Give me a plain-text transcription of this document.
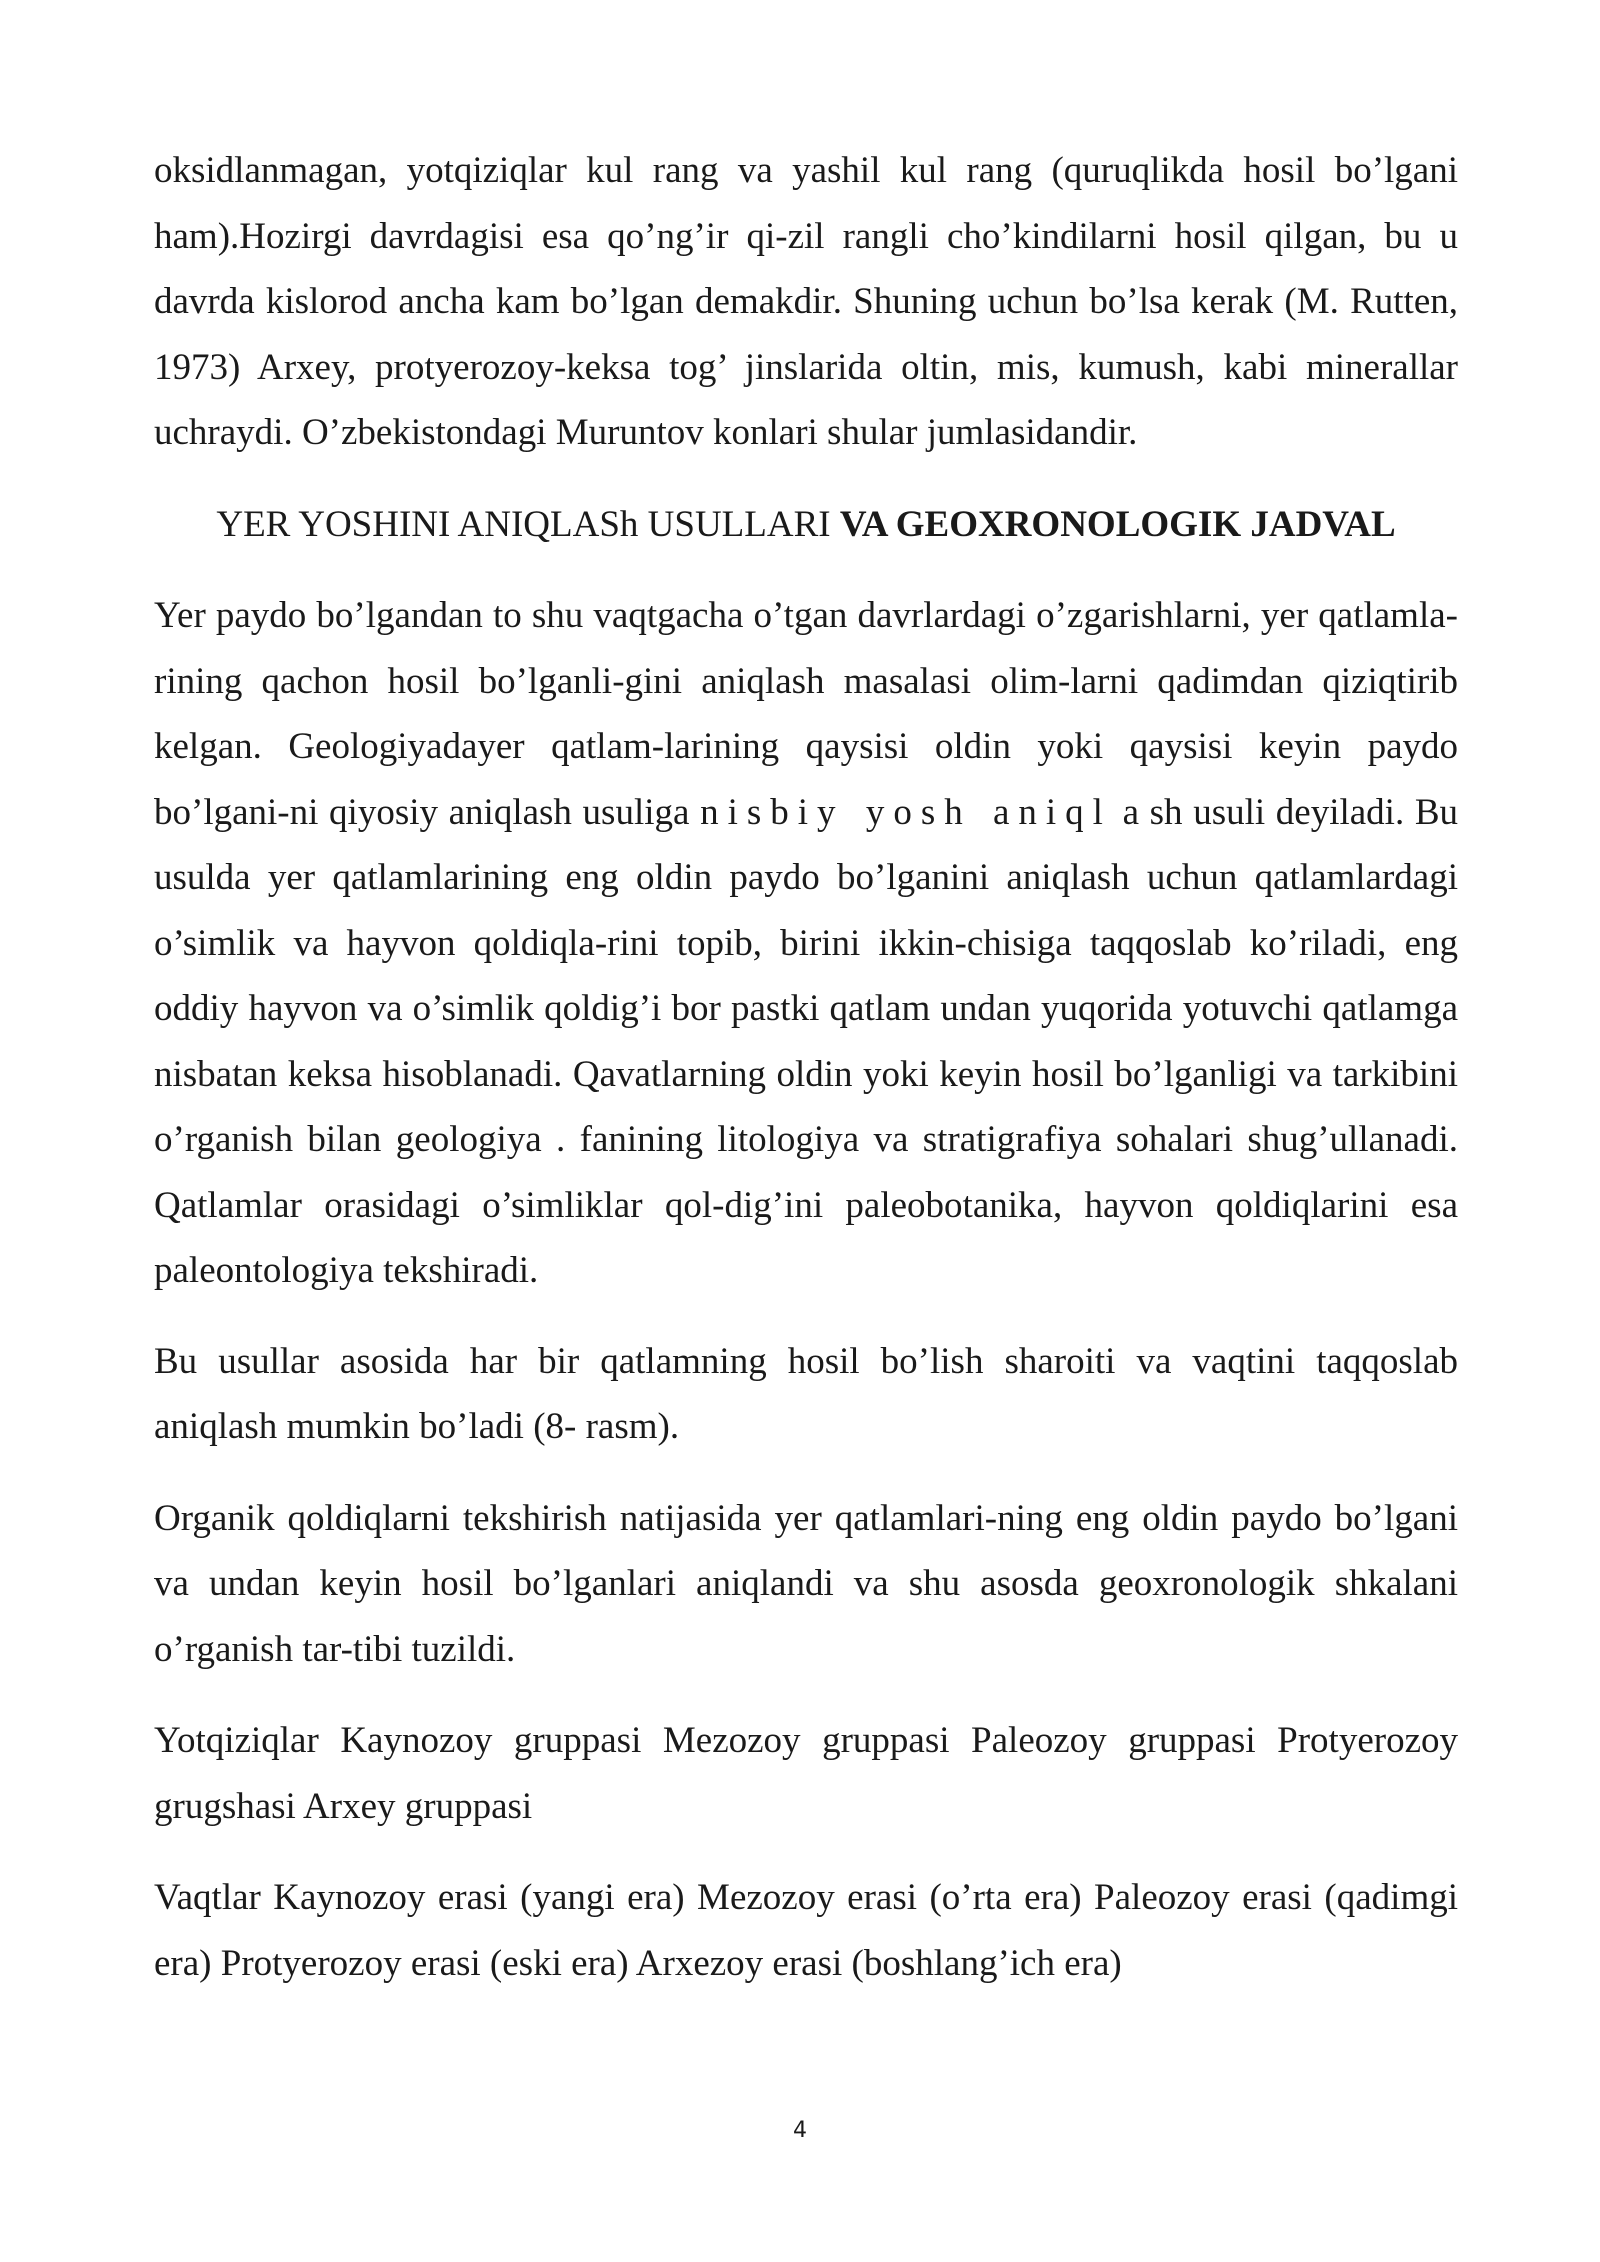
oksidlanmagan, yotqiziqlar kul rang va yashil kul rang (quruqlikda hosil bo’lgani ham).Hozirgi davrdagisi esa qo’ng’ir qi-zil rangli cho’kindilarni hosil qilgan, bu u davrda kislorod ancha kam bo’lgan demakdir. Shuning uchun bo’lsa kerak (M. Rutten, 1973) Arxey, protyerozoy-keksa tog’ jinslarida oltin, mis, kumush, kabi minerallar uchraydi. O’zbekistondagi Muruntov konlari shular jumlasidandir.

YER YOSHINI ANIQLASh USULLARI VA GEOXRONOLOGIK JADVAL

Yer paydo bo’lgandan to shu vaqtgacha o’tgan davrlardagi o’zgarishlarni, yer qatlamla-rining qachon hosil bo’lganli-gini aniqlash masalasi olim-larni qadimdan qiziqtirib kelgan. Geologiyadayer qatlam-larining qaysisi oldin yoki qaysisi keyin paydo bo’lgani-ni qiyosiy aniqlash usuliga nisbiy yosh aniql a sh usuli deyiladi. Bu usulda yer qatlamlarining eng oldin paydo bo’lganini aniqlash uchun qatlamlardagi o’simlik va hayvon qoldiqla-rini topib, birini ikkin-chisiga taqqoslab ko’riladi, eng oddiy hayvon va o’simlik qoldig’i bor pastki qatlam undan yuqorida yotuvchi qatlamga nisbatan keksa hisoblanadi. Qavatlarning oldin yoki keyin hosil bo’lganligi va tarkibini o’rganish bilan geologiya . fanining litologiya va stratigrafiya sohalari shug’ullanadi. Qatlamlar orasidagi o’simliklar qol-dig’ini paleobotanika, hayvon qoldiqlarini esa paleontologiya tekshiradi.

Bu usullar asosida har bir qatlamning hosil bo’lish sharoiti va vaqtini taqqoslab aniqlash mumkin bo’ladi (8- rasm).

Organik qoldiqlarni tekshirish natijasida yer qatlamlari-ning eng oldin paydo bo’lgani va undan keyin hosil bo’lganlari aniqlandi va shu asosda geoxronologik shkalani o’rganish tar-tibi tuzildi.

Yotqiziqlar Kaynozoy gruppasi Mezozoy gruppasi Paleozoy gruppasi Protyerozoy grugshasi Arxey gruppasi

Vaqtlar Kaynozoy erasi (yangi era) Mezozoy erasi (o’rta era) Paleozoy erasi (qadimgi era) Protyerozoy erasi (eski era) Arxezoy erasi (boshlang’ich era)

4
